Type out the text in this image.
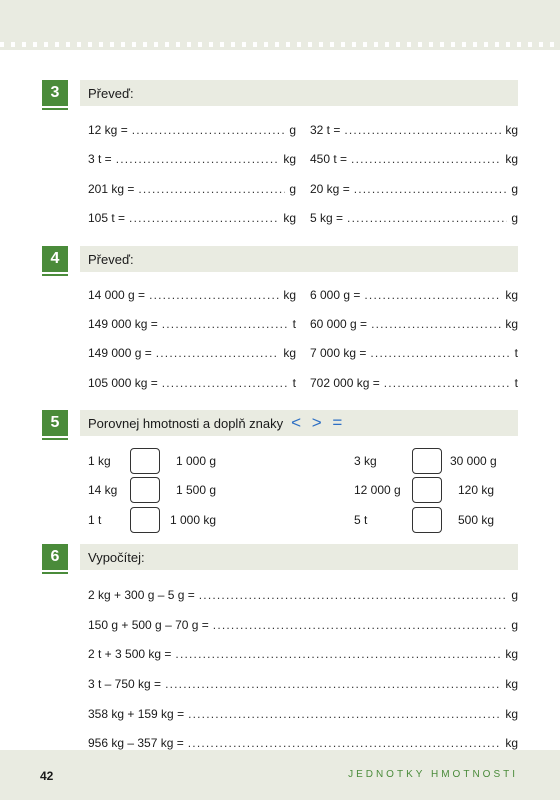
3	Převeď:
12 kg = .....	g
3 t = .....	kg
201 kg = .....	g
105 t = .....	kg
32 t = .....	kg
450 t = .....	kg
20 kg = .....	g
5 kg = .....	g
4	Převeď:
14 000 g = .....	kg
149 000 kg = .....	t
149 000 g = .....	kg
105 000 kg = .....	t
6 000 g = .....	kg
60 000 g = .....	kg
7 000 kg = .....	t
702 000 kg = .....	t
5	Porovnej hmotnosti a doplň znaky < > =
1 kg	1 000 g
14 kg	1 500 g
1 t	1 000 kg
3 kg	30 000 g
12 000 g	120 kg
5 t	500 kg
6	Vypočítej:
2 kg + 300 g – 5 g = .....	g
150 g + 500 g – 70 g = .....	g
2 t + 3 500 kg = .....	kg
3 t – 750 kg = .....	kg
358 kg + 159 kg = .....	kg
956 kg – 357 kg = .....	kg
42	JEDNOTKY HMOTNOSTI
